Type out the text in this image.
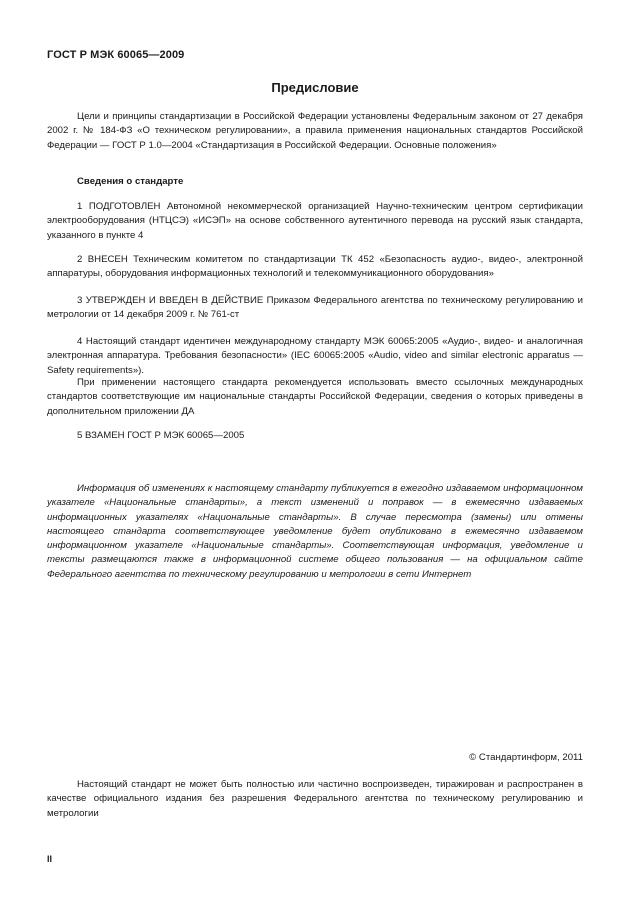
ГОСТ Р МЭК 60065—2009
Предисловие

Цели и принципы стандартизации в Российской Федерации установлены Федеральным законом от 27 декабря 2002 г. № 184-ФЗ «О техническом регулировании», а правила применения национальных стандартов Российской Федерации — ГОСТ Р 1.0—2004 «Стандартизация в Российской Федерации. Основные положения»

Сведения о стандарте

1 ПОДГОТОВЛЕН Автономной некоммерческой организацией Научно-техническим центром сертификации электрооборудования (НТЦСЭ) «ИСЭП» на основе собственного аутентичного перевода на русский язык стандарта, указанного в пункте 4

2 ВНЕСЕН Техническим комитетом по стандартизации ТК 452 «Безопасность аудио-, видео-, электронной аппаратуры, оборудования информационных технологий и телекоммуникационного оборудования»

3 УТВЕРЖДЕН И ВВЕДЕН В ДЕЙСТВИЕ Приказом Федерального агентства по техническому регулированию и метрологии от 14 декабря 2009 г. № 761-ст

4 Настоящий стандарт идентичен международному стандарту МЭК 60065:2005 «Аудио-, видео- и аналогичная электронная аппаратура. Требования безопасности» (IEC 60065:2005 «Audio, video and similar electronic apparatus — Safety requirements»).

При применении настоящего стандарта рекомендуется использовать вместо ссылочных международных стандартов соответствующие им национальные стандарты Российской Федерации, сведения о которых приведены в дополнительном приложении ДА

5 ВЗАМЕН ГОСТ Р МЭК 60065—2005

Информация об изменениях к настоящему стандарту публикуется в ежегодно издаваемом информационном указателе «Национальные стандарты», а текст изменений и поправок — в ежемесячно издаваемых информационных указателях «Национальные стандарты». В случае пересмотра (замены) или отмены настоящего стандарта соответствующее уведомление будет опубликовано в ежемесячно издаваемом информационном указателе «Национальные стандарты». Соответствующая информация, уведомление и тексты размещаются также в информационной системе общего пользования — на официальном сайте Федерального агентства по техническому регулированию и метрологии в сети Интернет

© Стандартинформ, 2011

Настоящий стандарт не может быть полностью или частично воспроизведен, тиражирован и распространен в качестве официального издания без разрешения Федерального агентства по техническому регулированию и метрологии

II
